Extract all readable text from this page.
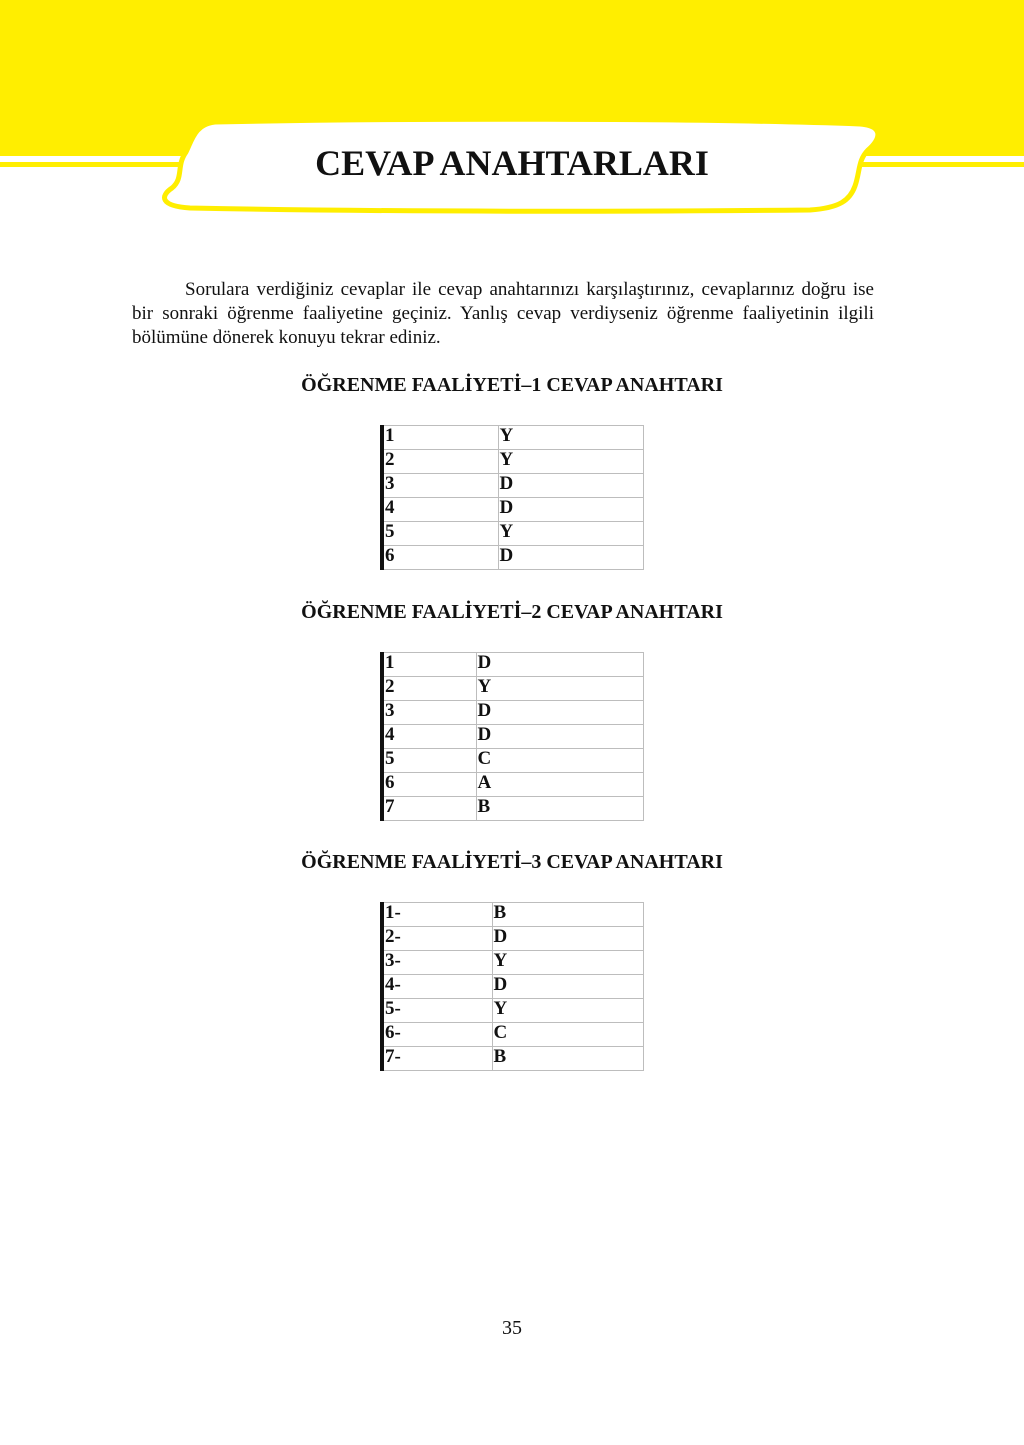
CEVAP ANAHTARLARI

Sorulara verdiğiniz cevaplar ile cevap anahtarınızı karşılaştırınız, cevaplarınız doğru ise bir sonraki öğrenme faaliyetine geçiniz. Yanlış cevap verdiyseniz öğrenme faaliyetinin ilgili bölümüne dönerek konuyu tekrar ediniz.

ÖĞRENME FAALİYETİ–1 CEVAP ANAHTARI
1	Y
2	Y
3	D
4	D
5	Y
6	D
ÖĞRENME FAALİYETİ–2 CEVAP ANAHTARI
1	D
2	Y
3	D
4	D
5	C
6	A
7	B
ÖĞRENME FAALİYETİ–3 CEVAP ANAHTARI
1-	B
2-	D
3-	Y
4-	D
5-	Y
6-	C
7-	B
35
